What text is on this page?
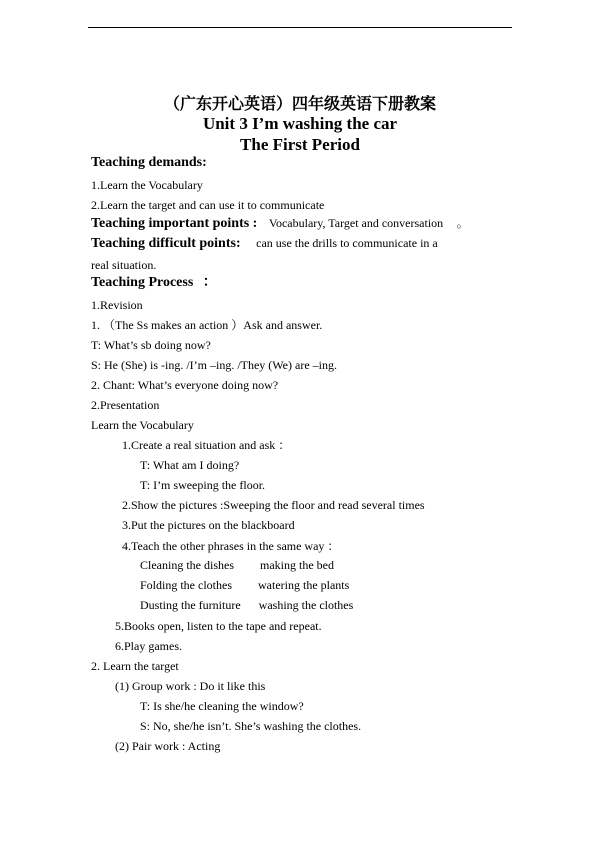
（广东开心英语）四年级英语下册教案
Unit 3 I’m washing the car
The First Period
Teaching demands:
1.Learn the Vocabulary
2.Learn the target and can use it to communicate
Teaching important points : Vocabulary, Target and conversation 。
Teaching difficult points: can use the drills to communicate in a
real situation.
Teaching Process ：
1.Revision
1. （The Ss makes an action ）Ask and answer.
T: What’s sb doing now?
S: He (She) is -ing. /I’m –ing. /They (We) are –ing.
2. Chant: What’s everyone doing now?
2.Presentation
Learn the Vocabulary
1.Create a real situation and ask ：
T: What am I doing?
T: I’m sweeping the floor.
2.Show the pictures :Sweeping the floor and read several times
3.Put the pictures on the blackboard
4.Teach the other phrases in the same way ：
Cleaning the dishes making the bed
Folding the clothes watering the plants
Dusting the furniture washing the clothes
5.Books open, listen to the tape and repeat.
6.Play games.
2. Learn the target
(1) Group work : Do it like this
T: Is she/he cleaning the window?
S: No, she/he isn’t. She’s washing the clothes.
(2) Pair work : Acting
